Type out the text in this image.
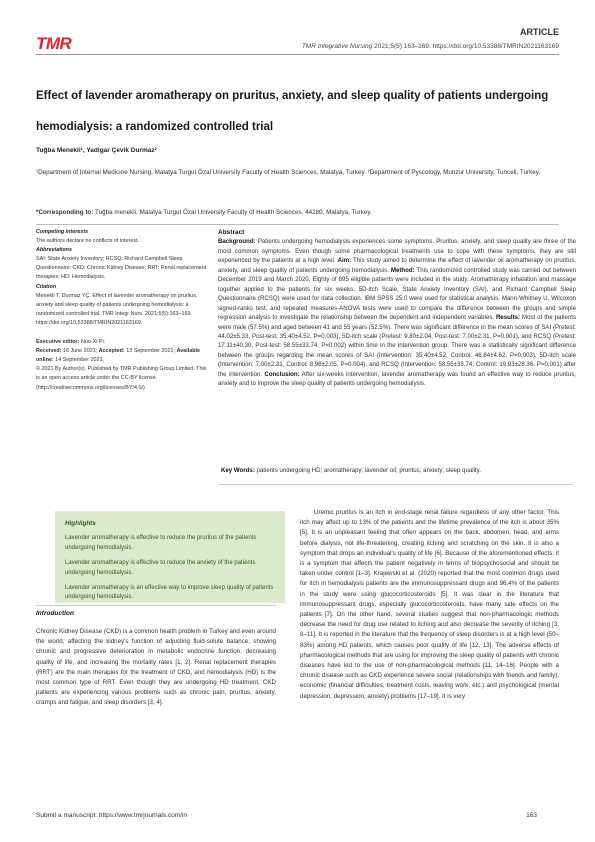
TMR
ARTICLE
TMR Integrative Nursing 2021;5(5):163–169. https://doi.org/10.53388/TMRIN2021163169
Effect of lavender aromatherapy on pruritus, anxiety, and sleep quality of patients undergoing hemodialysis: a randomized controlled trial
Tuğba Menekli¹, Yadigar Çevik Durmaz²
¹Department of Internal Medicine Nursing, Malatya Turgut Özal University Faculty of Health Sciences, Malatya, Turkey. ²Department of Pyscology, Munzur University, Tunceli, Turkey.
*Corresponding to: Tuğba menekli, Malatya Turgut Özal University Faculty of Health Sciences, 44280, Malatya, Turkey.

Competing interests

The authors declare no conflicts of interest.

Abbreviations

SAI: State Anxiety Inventory; RCSQ: Richard Campbell Sleep Questionnaire; CKD: Chronic Kidney Disease; RRT: Renal replacement therapies; HD: Hemodialysis.

Citation

Menekli T, Durmaz YÇ. Effect of lavender aromatherapy on pruritus, anxiety and sleep quality of patients undergoing hemodialysis: a randomized controlled trial. TMR Integr Nurs. 2021;5(5):163–169. https://doi.org/10.53388/TMRIN2021163169.

Executive editor: Nuo-Xi Pi.

Received: 16 June 2021; Accepted: 13 September 2021; Available online: 14 September 2021.

© 2021 By Author(s). Published by TMR Publishing Group Limited. This is an open access article under the CC-BY license. (http://creativecommons.org/licenses/BY/4.0/)

Abstract

Background: Patients undergoing hemodialysis experiences some symptoms. Pruritus, anxiety, and sleep quality are three of the most common symptoms. Even though some pharmacological treatments use to cope with these symptoms, they are still experienced by the patients at a high level. Aim: This study aimed to determine the effect of lavender oil aromatherapy on pruritus, anxiety, and sleep quality of patients undergoing hemodialysis. Method: This randomized controlled study was carried out between December 2019 and March 2020. Eighty of 895 eligible patients were included in the study. Aromatherapy inhalation and massage together applied to the patients for six weeks. 5D-itch Scale, State Anxiety Inventory (SAI), and Richard Campbell Sleep Questionnaire (RCSQ) were used for data collection. IBM SPSS 25.0 were used for statistical analysis. Mann-Whitney U, Wilcoxon signed-ranks test, and repeated measures-ANOVA tests were used to compare the difference between the groups and simple regression analysis to investigate the relationship between the dependent and independent variables. Results: Most of the patients were male (57.5%) and aged between 41 and 55 years (52.5%). There was significant difference in the mean scores of SAI (Pretest: 44.02±5.33, Post-test: 35.40±4.52, P=0.003), 5D-itch scale (Pretest: 9.80±2.04, Post-test: 7.00±2.31, P=0.001), and RCSQ (Pretest: 17.11±40.30, Post-test: 58.55±33.74, P=0.002) within time in the intervention group. There was a statistically significant difference between the groups regarding the mean scores of SAI (Intervention: 35.40±4.52, Control: 46.84±4.62, P=0.003), 5D-itch scale (Intervention: 7.00±2.31, Control: 8.96±2.05, P=0.004), and RCSQ (Intervention: 58.55±33.74, Control: 19.93±28.36, P=0.001) after the intervention. Conclusion: After six-weeks intervention, lavender aromatherapy was found an effective way to reduce pruritus, anxiety and to improve the sleep quality of patients undergoing hemodialysis.

Key Words: patients undergoing HD; aromatherapy; lavender oil; pruritus; anxiety; sleep quality.

Highlights

Lavender aromatherapy is effective to reduce the pruritus of the patients undergoing hemodialysis.

Lavender aromatherapy is effective to reduce the anxiety of the patients undergoing hemodialysis.

Lavender aromatherapy is an effective way to improve sleep quality of patients undergoing hemodialysis.

Introduction

Chronic Kidney Disease (CKD) is a common health problem in Turkey and even around the world, affecting the kidney's function of adjusting fluid-solute balance, showing chronic and progressive deterioration in metabolic endocrine function, decreasing quality of life, and increasing the mortality rates [1, 2]. Renal replacement therapies (RRT) are the main therapies for the treatment of CKD, and hemodialysis (HD) is the most common type of RRT. Even though they are undergoing HD treatment, CKD patients are experiencing various problems such as chronic pain, pruritus, anxiety, cramps and fatigue, and sleep disorders [3, 4].

Uremic pruritus is an itch in end-stage renal failure regardless of any other factor. This itch may affect up to 13% of the patients and the lifetime prevalence of the itch is about 35% [5]. It is an unpleasant feeling that often appears on the back, abdomen, head, and arms before dialysis, not life-threatening, creating itching and scratching on the skin. It is also a symptom that drops an individual's quality of life [6]. Because of the aforementioned effects, it is a symptom that affects the patient negatively in terms of biopsychosocial and should be taken under control [1–3]. Krajewski et al. (2020) reported that the most common drugs used for itch in hemodialysis patients are the immunosuppressant drugs and 96.4% of the patients in the study were using glucocorticosteroids [5]. It was clear in the literature that immunosuppressant drugs, especially glucocorticosteroids, have many side effects on the patients [7]. On the other hand, several studies suggest that non-pharmacologic methods decrease the need for drug use related to itching and also decrease the severity of itching [3, 8–11]. It is reported in the literature that the frequency of sleep disorders is at a high level (50–83%) among HD patients, which causes poor quality of life [12, 13]. The adverse effects of pharmacological methods that are using for improving the sleep quality of patients with chronic diseases have led to the use of non-pharmacological methods [11, 14–16]. People with a chronic disease such as CKD experience severe social (relationships with friends and family), economic (financial difficulties, treatment costs, leaving work, etc.) and psychological (mental depression, depression, anxiety) problems [17–19]. It is very

Submit a manuscript: https://www.tmrjournals.com/in	163
